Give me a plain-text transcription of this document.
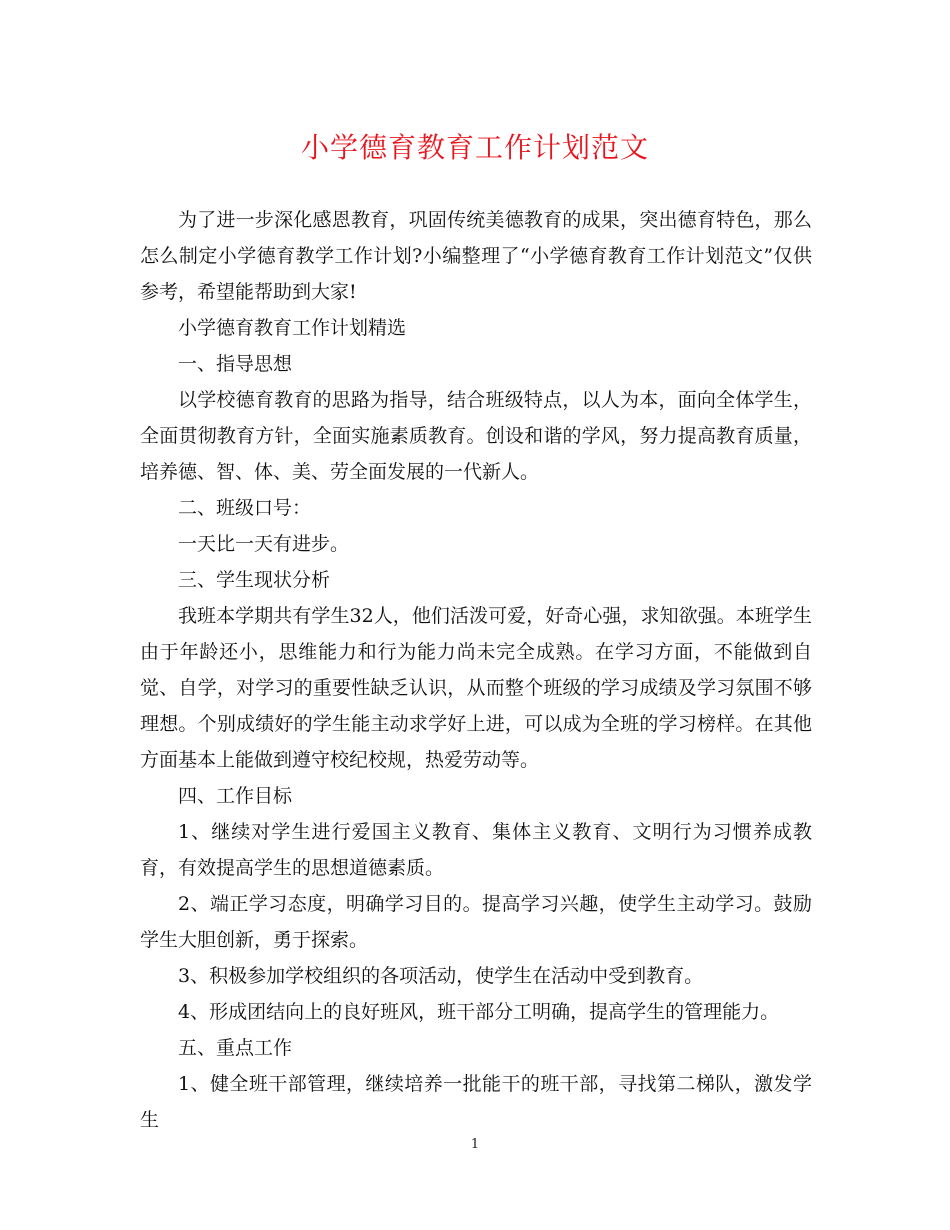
小学德育教育工作计划范文

为了进一步深化感恩教育，巩固传统美德教育的成果，突出德育特色，那么怎么制定小学德育教学工作计划?小编整理了“小学德育教育工作计划范文”仅供参考，希望能帮助到大家!

小学德育教育工作计划精选

一、指导思想

以学校德育教育的思路为指导，结合班级特点，以人为本，面向全体学生，全面贯彻教育方针，全面实施素质教育。创设和谐的学风，努力提高教育质量，培养德、智、体、美、劳全面发展的一代新人。

二、班级口号：

一天比一天有进步。

三、学生现状分析

我班本学期共有学生32人，他们活泼可爱，好奇心强，求知欲强。本班学生由于年龄还小，思维能力和行为能力尚未完全成熟。在学习方面，不能做到自觉、自学，对学习的重要性缺乏认识，从而整个班级的学习成绩及学习氛围不够理想。个别成绩好的学生能主动求学好上进，可以成为全班的学习榜样。在其他方面基本上能做到遵守校纪校规，热爱劳动等。

四、工作目标

1、继续对学生进行爱国主义教育、集体主义教育、文明行为习惯养成教育，有效提高学生的思想道德素质。

2、端正学习态度，明确学习目的。提高学习兴趣，使学生主动学习。鼓励学生大胆创新，勇于探索。

3、积极参加学校组织的各项活动，使学生在活动中受到教育。

4、形成团结向上的良好班风，班干部分工明确，提高学生的管理能力。

五、重点工作

1、健全班干部管理，继续培养一批能干的班干部，寻找第二梯队，激发学生

1
